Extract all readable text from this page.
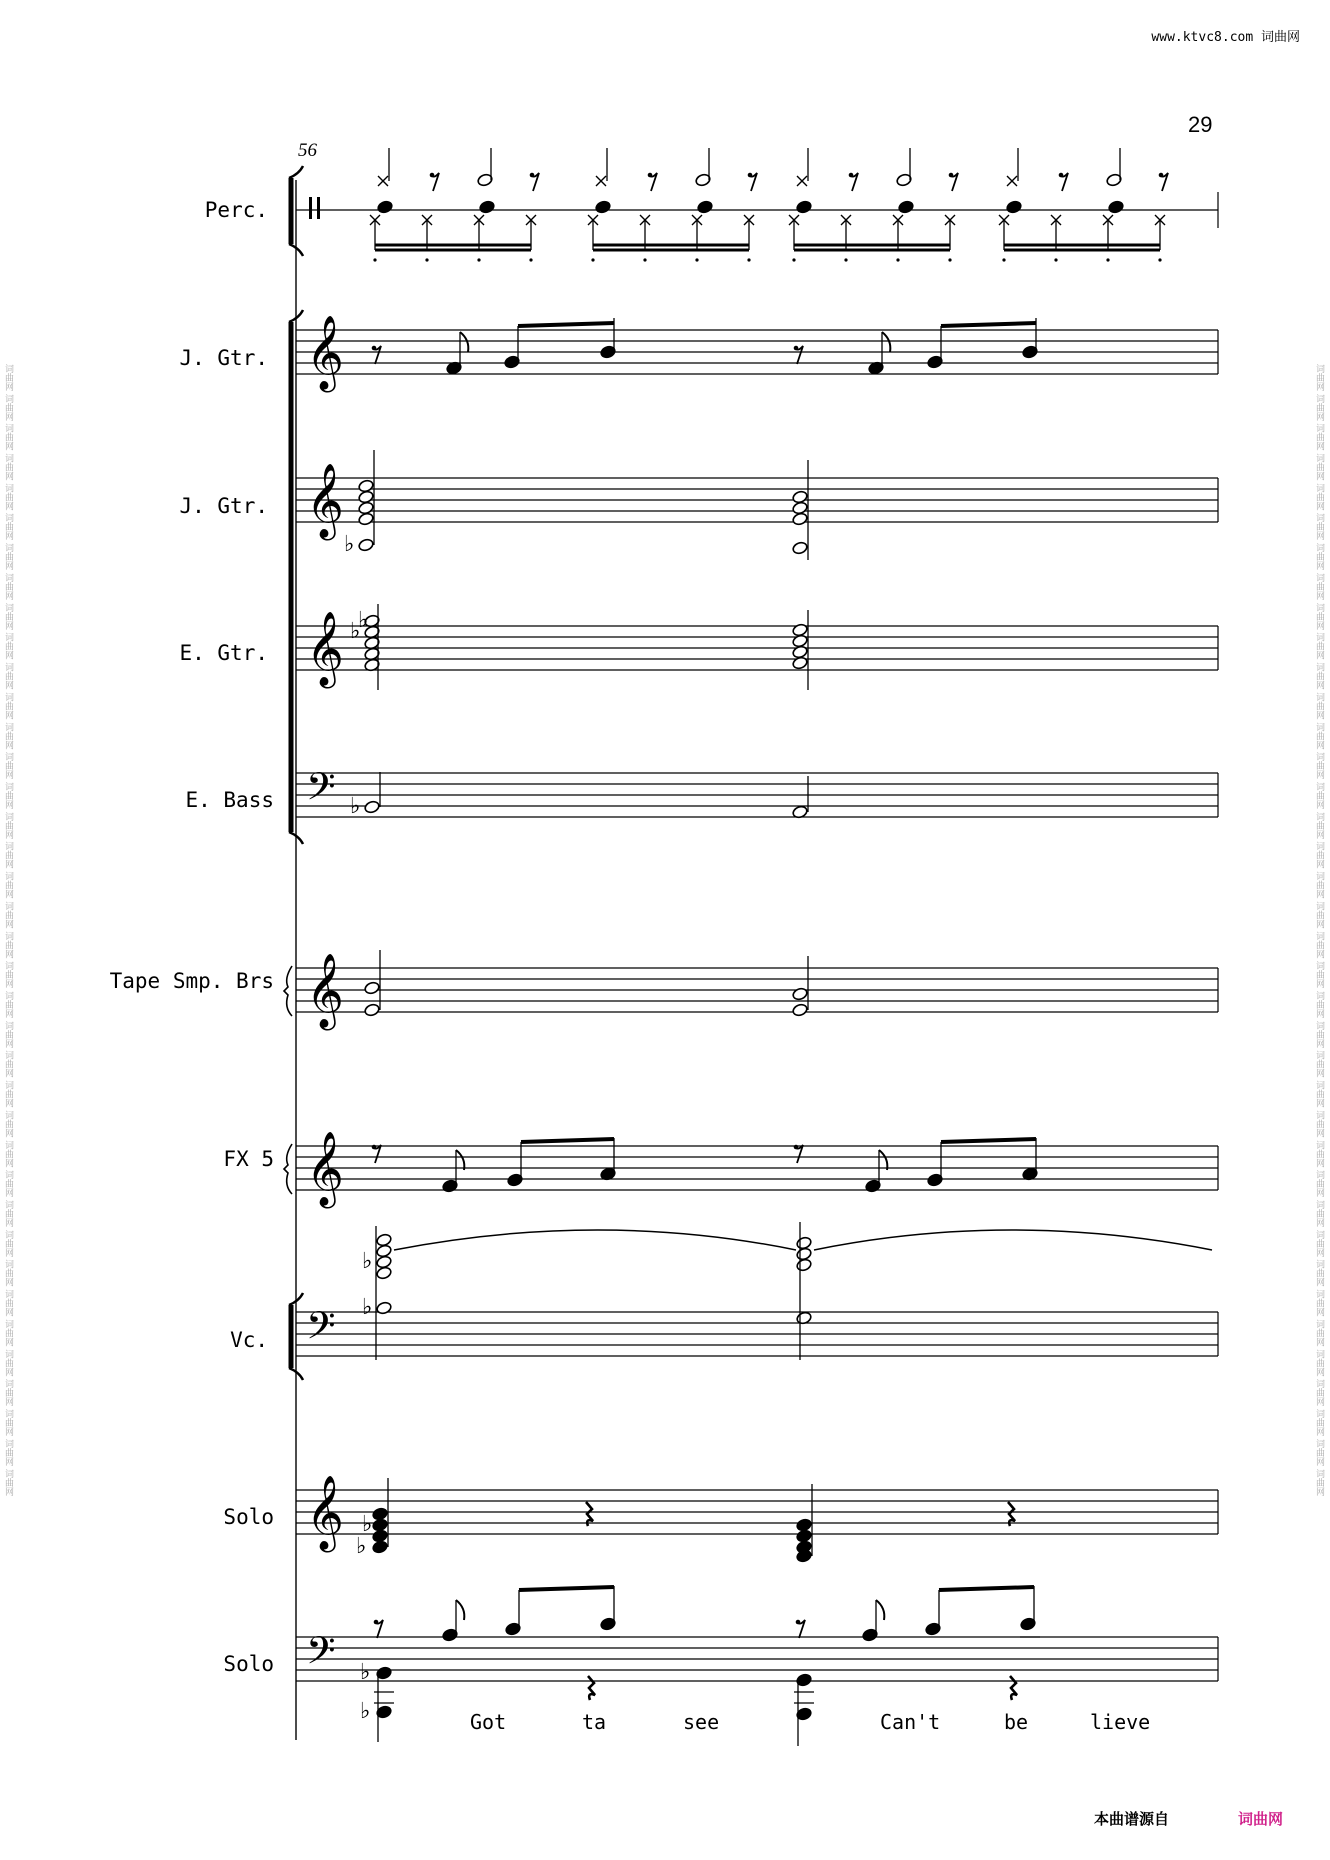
词曲网 词曲网 词曲网 词曲网 词曲网 词曲网 词曲网 词曲网 词曲网 词曲网 词曲网 词曲网 词曲网 词曲网 词曲网 词曲网 词曲网 词曲网 词曲网 词曲网 词曲网 词曲网 词曲网 词曲网 词曲网 词曲网 词曲网 词曲网 词曲网 词曲网 词曲网 词曲网 词曲网 词曲网 词曲网 词曲网 词曲网 词曲网	词曲网 词曲网 词曲网 词曲网 词曲网 词曲网 词曲网 词曲网 词曲网 词曲网 词曲网 词曲网 词曲网 词曲网 词曲网 词曲网 词曲网 词曲网 词曲网 词曲网 词曲网 词曲网 词曲网 词曲网 词曲网 词曲网 词曲网 词曲网 词曲网 词曲网 词曲网 词曲网 词曲网 词曲网 词曲网 词曲网 词曲网 词曲网
www.ktvc8.com 词曲网
29
56
Perc.
J. Gtr.
J. Gtr.
E. Gtr.
E. Bass
Tape Smp. Brs
FX 5
Vc.
Solo
Solo
Got	ta	see	Can't	be	lieve
本曲谱源自	词曲网
𝄞
𝄞
𝄞
𝄢
𝄞
𝄞
𝄢
𝄞
𝄢
♭
♭
♭
♭
♭
♭
♭
♭
♭
♭
